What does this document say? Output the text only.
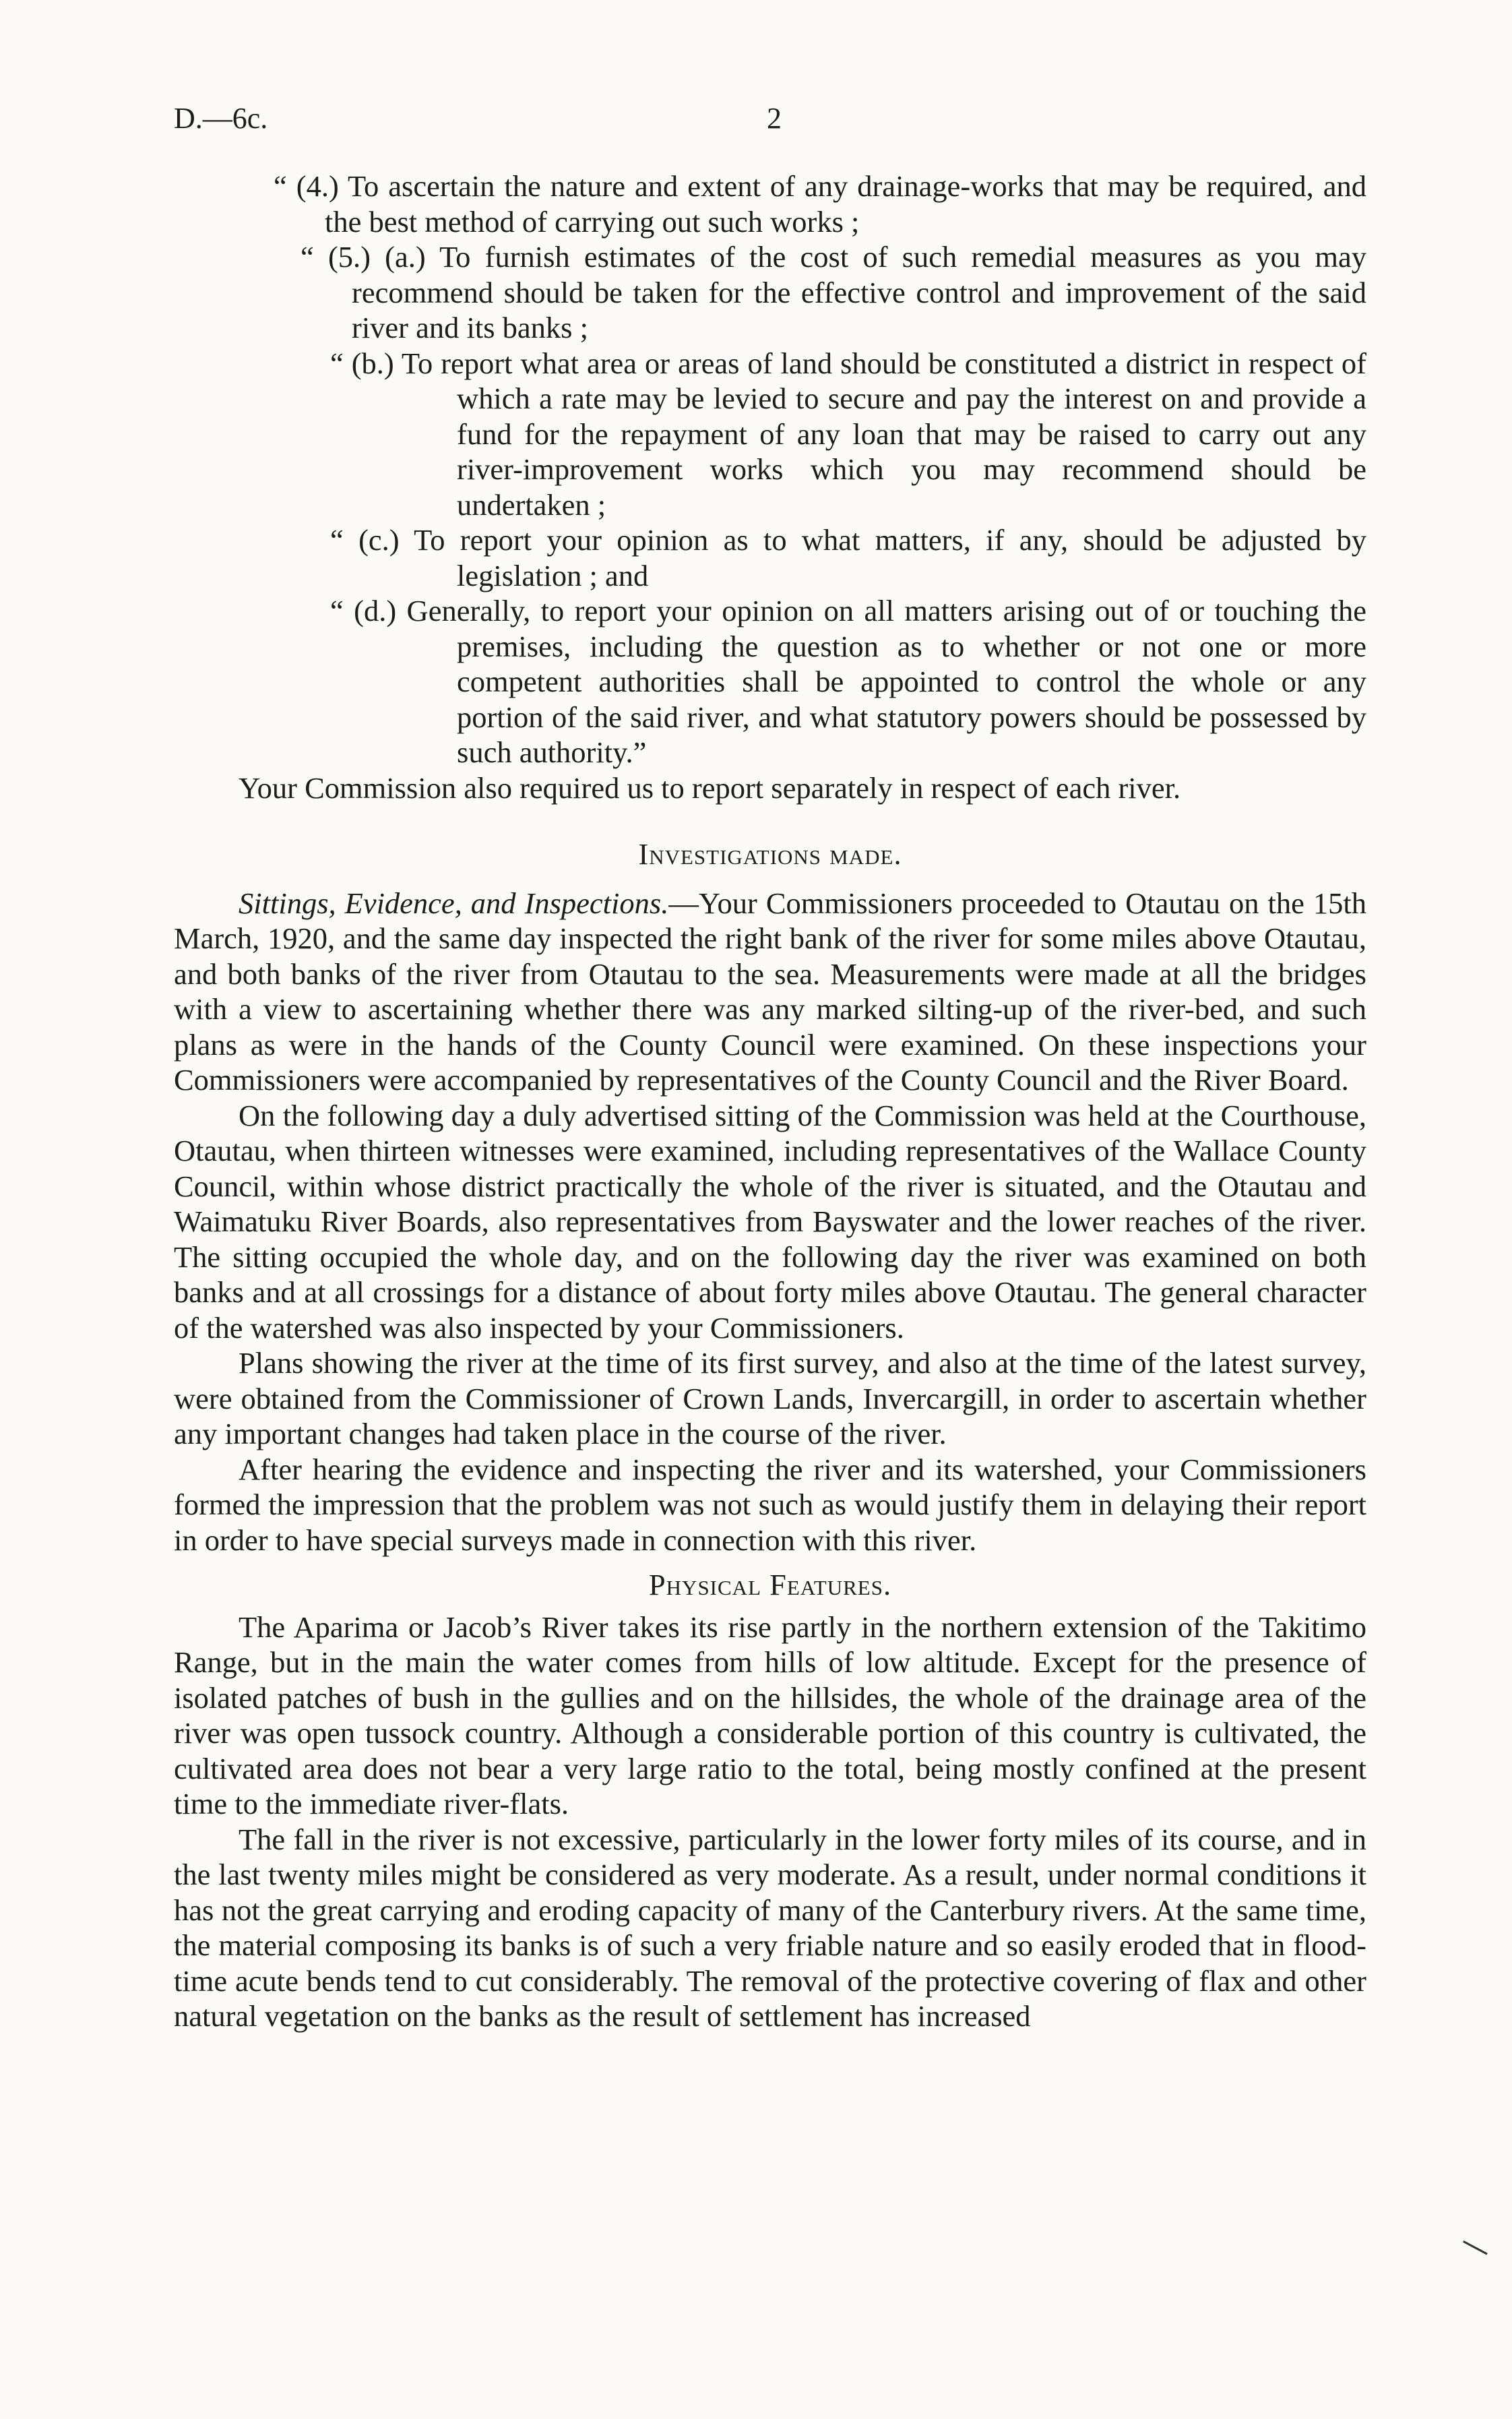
D.—6c.	2

“ (4.) To ascertain the nature and extent of any drainage-works that may be required, and the best method of carrying out such works ;

“ (5.) (a.) To furnish estimates of the cost of such remedial measures as you may recommend should be taken for the effective control and improvement of the said river and its banks ;

“ (b.) To report what area or areas of land should be constituted a district in respect of which a rate may be levied to secure and pay the interest on and provide a fund for the repayment of any loan that may be raised to carry out any river-improvement works which you may recommend should be undertaken ;

“ (c.) To report your opinion as to what matters, if any, should be adjusted by legislation ; and

“ (d.) Generally, to report your opinion on all matters arising out of or touching the premises, including the question as to whether or not one or more competent authorities shall be appointed to control the whole or any portion of the said river, and what statutory powers should be possessed by such authority.”

Your Commission also required us to report separately in respect of each river.

Investigations made.

Sittings, Evidence, and Inspections.—Your Commissioners proceeded to Otautau on the 15th March, 1920, and the same day inspected the right bank of the river for some miles above Otautau, and both banks of the river from Otautau to the sea. Measurements were made at all the bridges with a view to ascertaining whether there was any marked silting-up of the river-bed, and such plans as were in the hands of the County Council were examined. On these inspections your Commissioners were accompanied by representatives of the County Council and the River Board.

On the following day a duly advertised sitting of the Commission was held at the Courthouse, Otautau, when thirteen witnesses were examined, including representatives of the Wallace County Council, within whose district practically the whole of the river is situated, and the Otautau and Waimatuku River Boards, also representatives from Bayswater and the lower reaches of the river. The sitting occupied the whole day, and on the following day the river was examined on both banks and at all crossings for a distance of about forty miles above Otautau. The general character of the watershed was also inspected by your Commissioners.

Plans showing the river at the time of its first survey, and also at the time of the latest survey, were obtained from the Commissioner of Crown Lands, Invercargill, in order to ascertain whether any important changes had taken place in the course of the river.

After hearing the evidence and inspecting the river and its watershed, your Commissioners formed the impression that the problem was not such as would justify them in delaying their report in order to have special surveys made in connection with this river.

Physical Features.

The Aparima or Jacob’s River takes its rise partly in the northern extension of the Takitimo Range, but in the main the water comes from hills of low altitude. Except for the presence of isolated patches of bush in the gullies and on the hillsides, the whole of the drainage area of the river was open tussock country. Although a considerable portion of this country is cultivated, the cultivated area does not bear a very large ratio to the total, being mostly confined at the present time to the immediate river-flats.

The fall in the river is not excessive, particularly in the lower forty miles of its course, and in the last twenty miles might be considered as very moderate. As a result, under normal conditions it has not the great carrying and eroding capacity of many of the Canterbury rivers. At the same time, the material composing its banks is of such a very friable nature and so easily eroded that in flood-time acute bends tend to cut considerably. The removal of the protective covering of flax and other natural vegetation on the banks as the result of settlement has increased
